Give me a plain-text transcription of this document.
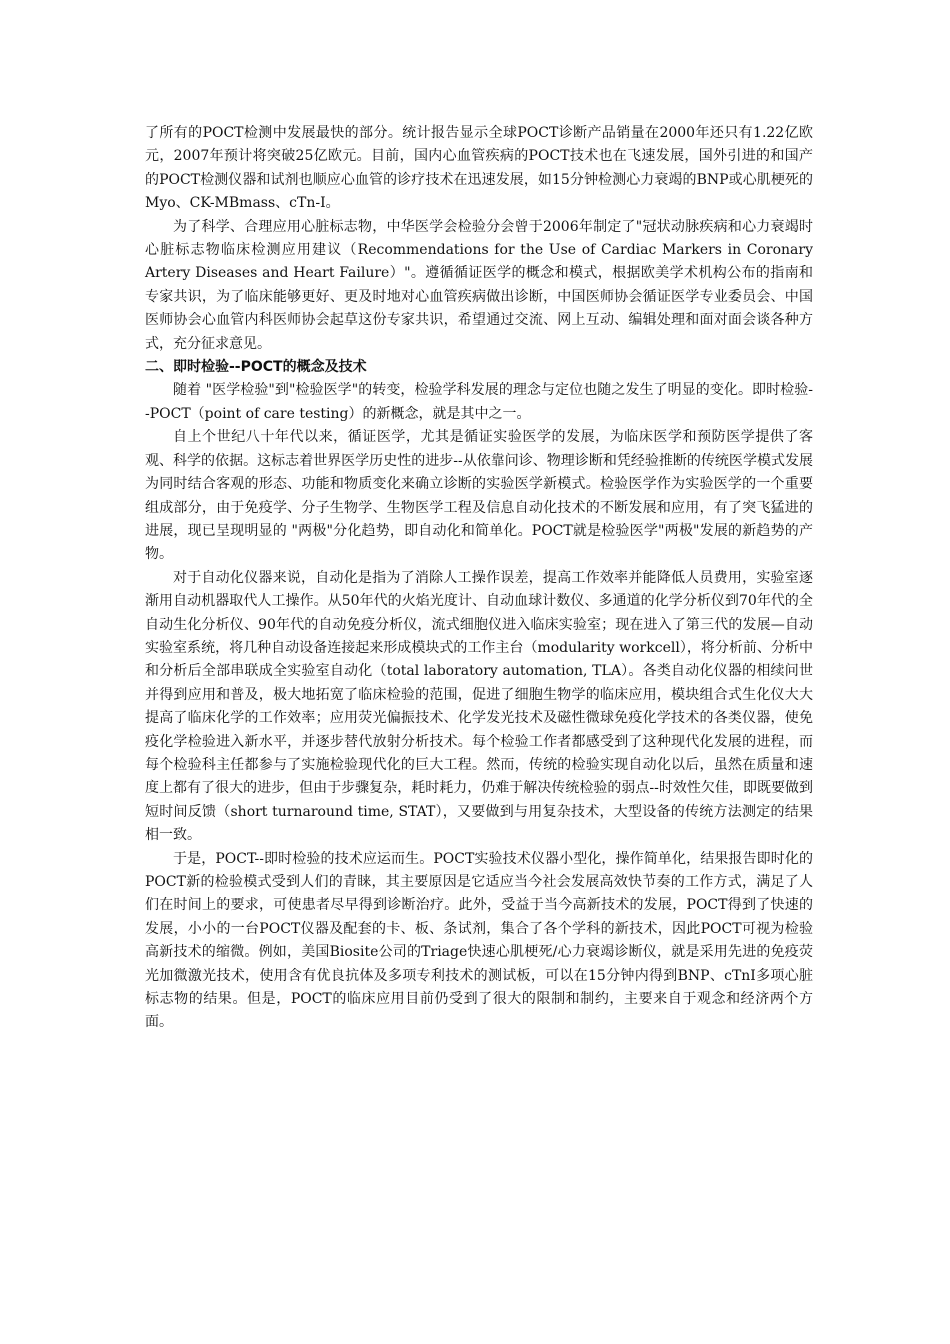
了所有的POCT检测中发展最快的部分。统计报告显示全球POCT诊断产品销量在2000年还只有1.22亿欧元，2007年预计将突破25亿欧元。目前，国内心血管疾病的POCT技术也在飞速发展，国外引进的和国产的POCT检测仪器和试剂也顺应心血管的诊疗技术在迅速发展，如15分钟检测心力衰竭的BNP或心肌梗死的Myo、CK-MBmass、cTn-I。

为了科学、合理应用心脏标志物，中华医学会检验分会曾于2006年制定了"冠状动脉疾病和心力衰竭时心脏标志物临床检测应用建议（Recommendations for the Use of Cardiac Markers in Coronary Artery Diseases and Heart Failure）"。遵循循证医学的概念和模式，根据欧美学术机构公布的指南和专家共识，为了临床能够更好、更及时地对心血管疾病做出诊断，中国医师协会循证医学专业委员会、中国医师协会心血管内科医师协会起草这份专家共识，希望通过交流、网上互动、编辑处理和面对面会谈各种方式，充分征求意见。

二、即时检验--POCT的概念及技术

随着 "医学检验"到"检验医学"的转变，检验学科发展的理念与定位也随之发生了明显的变化。即时检验--POCT（point of care testing）的新概念，就是其中之一。

自上个世纪八十年代以来，循证医学，尤其是循证实验医学的发展，为临床医学和预防医学提供了客观、科学的依据。这标志着世界医学历史性的进步--从依靠问诊、物理诊断和凭经验推断的传统医学模式发展为同时结合客观的形态、功能和物质变化来确立诊断的实验医学新模式。检验医学作为实验医学的一个重要组成部分，由于免疫学、分子生物学、生物医学工程及信息自动化技术的不断发展和应用，有了突飞猛进的进展，现已呈现明显的 "两极"分化趋势，即自动化和简单化。POCT就是检验医学"两极"发展的新趋势的产物。

对于自动化仪器来说，自动化是指为了消除人工操作误差，提高工作效率并能降低人员费用，实验室逐渐用自动机器取代人工操作。从50年代的火焰光度计、自动血球计数仪、多通道的化学分析仪到70年代的全自动生化分析仪、90年代的自动免疫分析仪，流式细胞仪进入临床实验室；现在进入了第三代的发展—自动实验室系统，将几种自动设备连接起来形成模块式的工作主台（modularity workcell），将分析前、分析中和分析后全部串联成全实验室自动化（total laboratory automation, TLA）。各类自动化仪器的相续问世并得到应用和普及，极大地拓宽了临床检验的范围，促进了细胞生物学的临床应用，模块组合式生化仪大大提高了临床化学的工作效率；应用荧光偏振技术、化学发光技术及磁性微球免疫化学技术的各类仪器，使免疫化学检验进入新水平，并逐步替代放射分析技术。每个检验工作者都感受到了这种现代化发展的进程，而每个检验科主任都参与了实施检验现代化的巨大工程。然而，传统的检验实现自动化以后，虽然在质量和速度上都有了很大的进步，但由于步骤复杂，耗时耗力，仍难于解决传统检验的弱点--时效性欠佳，即既要做到短时间反馈（short turnaround time, STAT），又要做到与用复杂技术，大型设备的传统方法测定的结果相一致。

于是，POCT--即时检验的技术应运而生。POCT实验技术仪器小型化，操作简单化，结果报告即时化的POCT新的检验模式受到人们的青睐，其主要原因是它适应当今社会发展高效快节奏的工作方式，满足了人们在时间上的要求，可使患者尽早得到诊断治疗。此外，受益于当今高新技术的发展，POCT得到了快速的发展，小小的一台POCT仪器及配套的卡、板、条试剂，集合了各个学科的新技术，因此POCT可视为检验高新技术的缩微。例如，美国Biosite公司的Triage快速心肌梗死/心力衰竭诊断仪，就是采用先进的免疫荧光加微激光技术，使用含有优良抗体及多项专利技术的测试板，可以在15分钟内得到BNP、cTnI多项心脏标志物的结果。但是，POCT的临床应用目前仍受到了很大的限制和制约，主要来自于观念和经济两个方面。
